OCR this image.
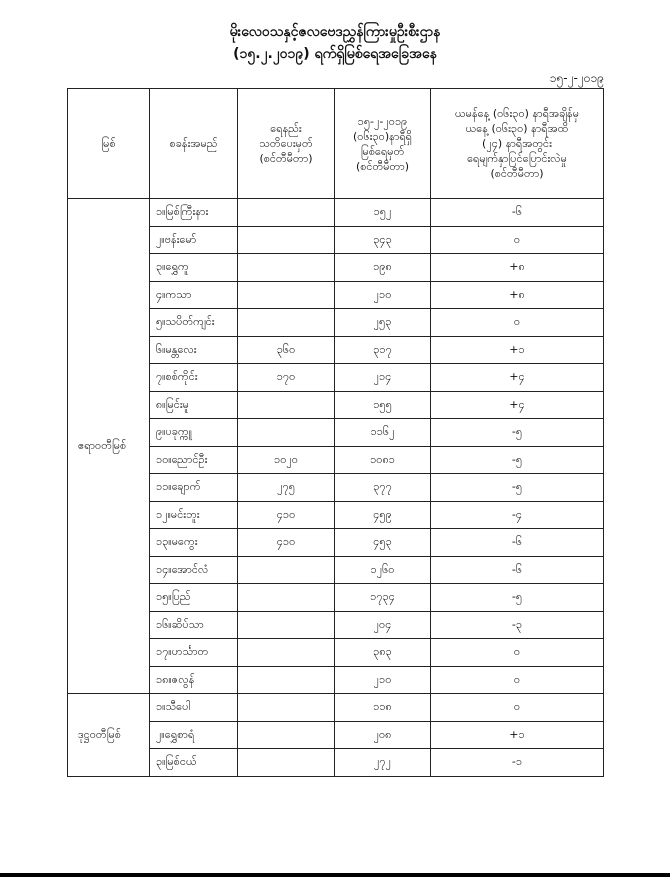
မိုးလေဝသနှင့်ဇလဗေဒညွှန်ကြားမှုဦးစီးဌာန
(၁၅.၂.၂၀၁၉) ရက်ရှိမြစ်ရေအခြေအနေ
၁၅-၂-၂၀၁၉
မြစ်	စခန်းအမည်	ရေနည်း
သတိပေးမှတ်
(စင်တီမီတာ)	၁၅-၂-၂၀၁၉
(၀၆း၃၀)နာရီရှိ
မြစ်ရေမှတ်
(စင်တီမီတာ)	ယမန်နေ့ (၀၆း၃၀) နာရီအချိန်မှ
ယနေ့ (၀၆း၃၀) နာရီအထိ
(၂၄) နာရီအတွင်း
ရေမျက်နှာပြင်ပြောင်းလဲမှု
(စင်တီမီတာ)
ဧရာဝတီမြစ်	၁။မြစ်ကြီးနား		၁၅၂	-၆
	၂။ဗန်းမော်		၃၄၃	၀
	၃။ရွှေကူ		၁၉၈	+၈
	၄။ကသာ		၂၁၀	+၈
	၅။သပိတ်ကျင်း		၂၅၃	၀
	၆။မန္တလေး	၃၆၀	၃၁၇	+၁
	၇။စစ်ကိုင်း	၁၇၀	၂၁၄	+၄
	၈။မြင်းမူ		၁၅၅	+၄
	၉။ပခုက္ကူ		၁၁၆၂	-၅
	၁၀။ညောင်ဦး	၁၀၂၀	၁၀၈၁	-၅
	၁၁။ချောက်	၂၇၅	၃၇၇	-၅
	၁၂။မင်းဘူး	၄၁၀	၄၅၉	-၄
	၁၃။မကွေး	၄၁၀	၄၅၃	-၆
	၁၄။အောင်လံ		၁၂၆၀	-၆
	၁၅။ပြည်		၁၇၃၄	-၅
	၁၆။ဆိပ်သာ		၂၀၄	-၃
	၁၇။ဟင်္သာတ		၃၈၃	၀
	၁၈။ဇလွန်		၂၁၀	၀
ဒုဋ္ဌဝတီမြစ်	၁။သီပေါ		၁၁၈	၀
	၂။ရွှေစာရံ		၂၀၈	+၁
	၃။မြစ်ငယ်		၂၇၂	-၁
